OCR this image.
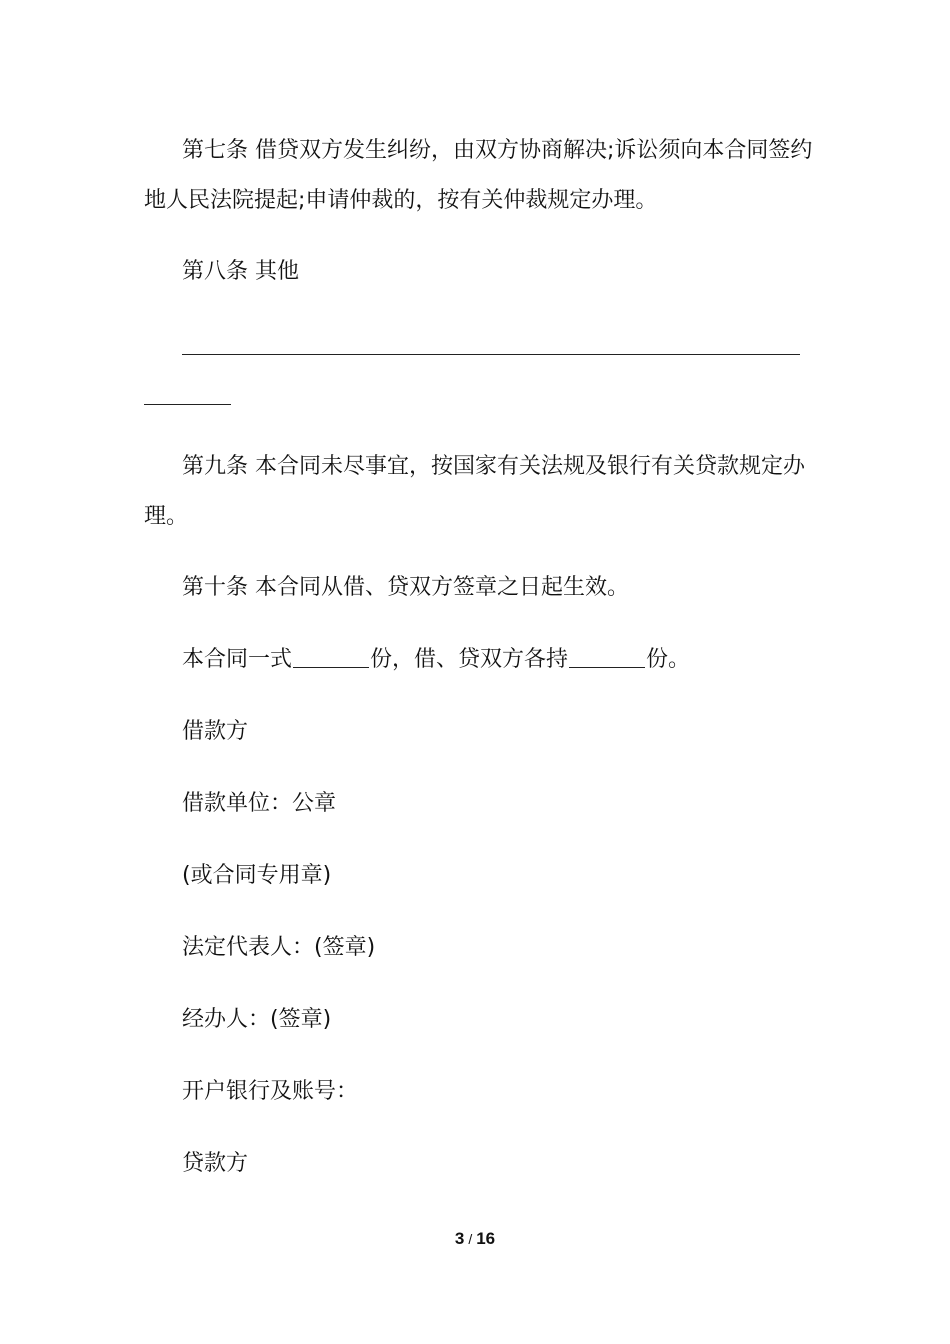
第七条 借贷双方发生纠纷，由双方协商解决;诉讼须向本合同签约
地人民法院提起;申请仲裁的，按有关仲裁规定办理。
第八条 其他
第九条 本合同未尽事宜，按国家有关法规及银行有关贷款规定办
理。
第十条 本合同从借、贷双方签章之日起生效。
本合同一式	份，借、贷双方各持	份。
借款方
借款单位：公章
(或合同专用章)
法定代表人：(签章)
经办人：(签章)
开户银行及账号：
贷款方
3 / 16
